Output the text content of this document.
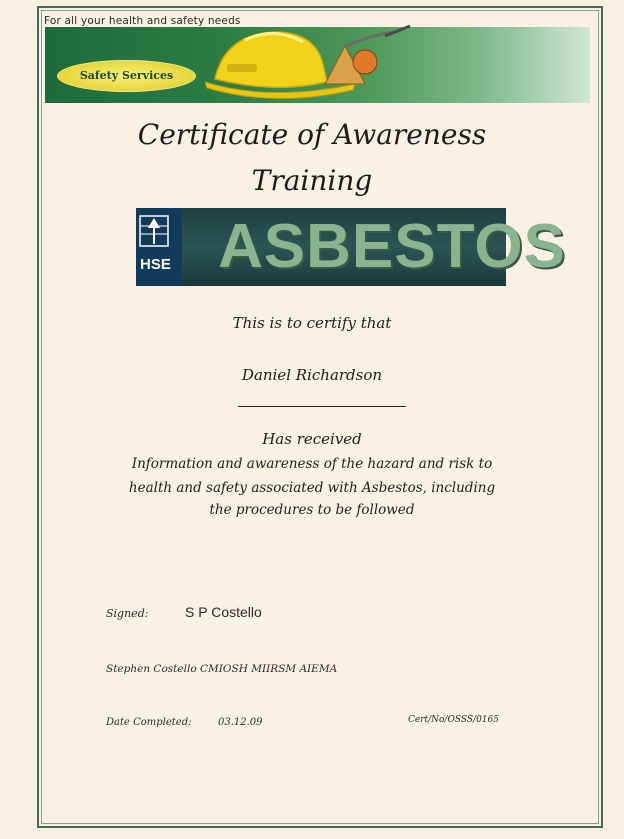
For all your health and safety needs
Safety Services
Certificate of Awareness
Training
HSE ASBESTOS
This is to certify that
Daniel Richardson
Has received
Information and awareness of the hazard and risk to
health and safety associated with Asbestos, including
the procedures to be followed
Signed:	S P Costello
Stephen Costello CMIOSH MIIRSM AIEMA
Date Completed:	03.12.09	Cert/No/OSSS/0165
